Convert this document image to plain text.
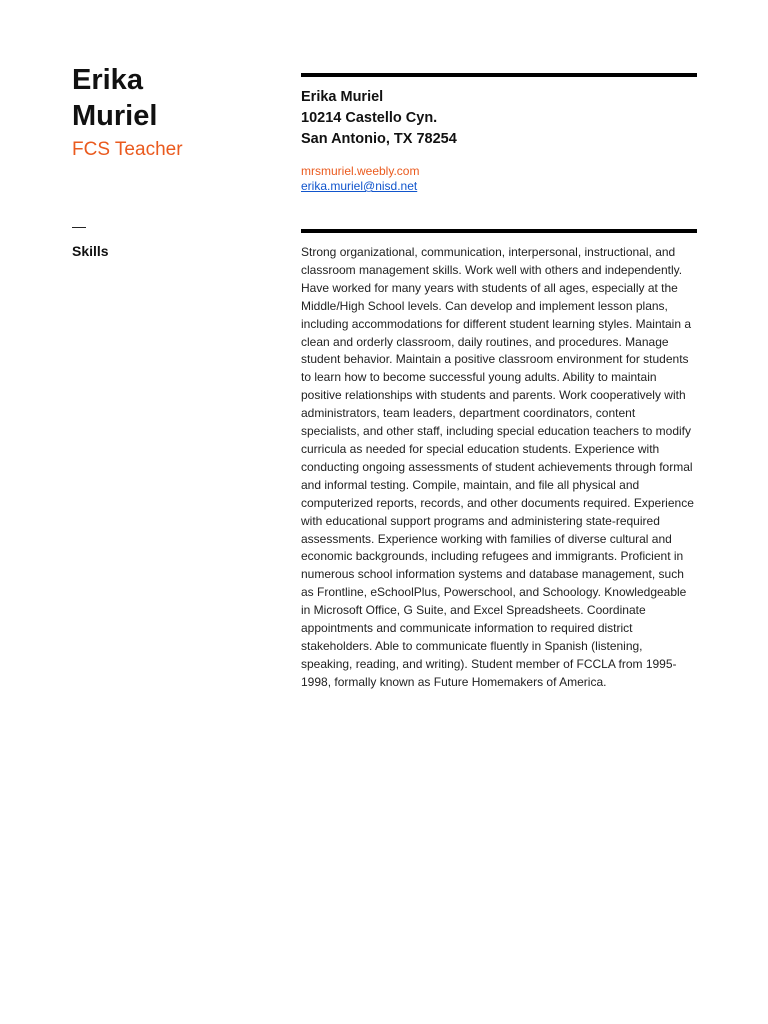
Erika
Muriel
FCS Teacher
Erika Muriel
10214 Castello Cyn.
San Antonio, TX 78254
mrsmuriel.weebly.com
erika.muriel@nisd.net
—
Skills	Strong organizational, communication, interpersonal, instructional, and classroom management skills. Work well with others and independently. Have worked for many years with students of all ages, especially at the Middle/High School levels. Can develop and implement lesson plans, including accommodations for different student learning styles. Maintain a clean and orderly classroom, daily routines, and procedures. Manage student behavior. Maintain a positive classroom environment for students to learn how to become successful young adults. Ability to maintain positive relationships with students and parents. Work cooperatively with administrators, team leaders, department coordinators, content specialists, and other staff, including special education teachers to modify curricula as needed for special education students. Experience with conducting ongoing assessments of student achievements through formal and informal testing. Compile, maintain, and file all physical and computerized reports, records, and other documents required. Experience with educational support programs and administering state-required assessments. Experience working with families of diverse cultural and economic backgrounds, including refugees and immigrants. Proficient in numerous school information systems and database management, such as Frontline, eSchoolPlus, Powerschool, and Schoology. Knowledgeable in Microsoft Office, G Suite, and Excel Spreadsheets. Coordinate appointments and communicate information to required district stakeholders. Able to communicate fluently in Spanish (listening, speaking, reading, and writing). Student member of FCCLA from 1995-1998, formally known as Future Homemakers of America.
